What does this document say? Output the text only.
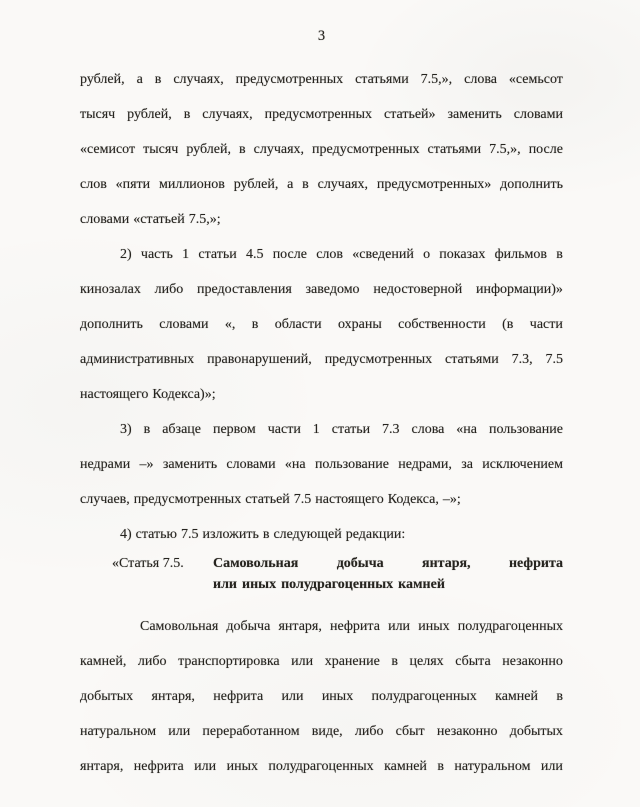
3
рублей, а в случаях, предусмотренных статьями 7.5,», слова «семьсот
тысяч рублей, в случаях, предусмотренных статьей» заменить словами
«семисот тысяч рублей, в случаях, предусмотренных статьями 7.5,», после
слов «пяти миллионов рублей, а в случаях, предусмотренных» дополнить
словами «статьей 7.5,»;
2) часть 1 статьи 4.5 после слов «сведений о показах фильмов в
кинозалах либо предоставления заведомо недостоверной информации)»
дополнить словами «, в области охраны собственности (в части
административных правонарушений, предусмотренных статьями 7.3, 7.5
настоящего Кодекса)»;
3) в абзаце первом части 1 статьи 7.3 слова «на пользование
недрами –» заменить словами «на пользование недрами, за исключением
случаев, предусмотренных статьей 7.5 настоящего Кодекса, –»;
4) статью 7.5 изложить в следующей редакции:
«Статья 7.5.	Самовольная	добыча	янтаря,	нефрита
или иных полудрагоценных камней
Самовольная добыча янтаря, нефрита или иных полудрагоценных
камней, либо транспортировка или хранение в целях сбыта незаконно
добытых янтаря, нефрита или иных полудрагоценных камней в
натуральном или переработанном виде, либо сбыт незаконно добытых
янтаря, нефрита или иных полудрагоценных камней в натуральном или
